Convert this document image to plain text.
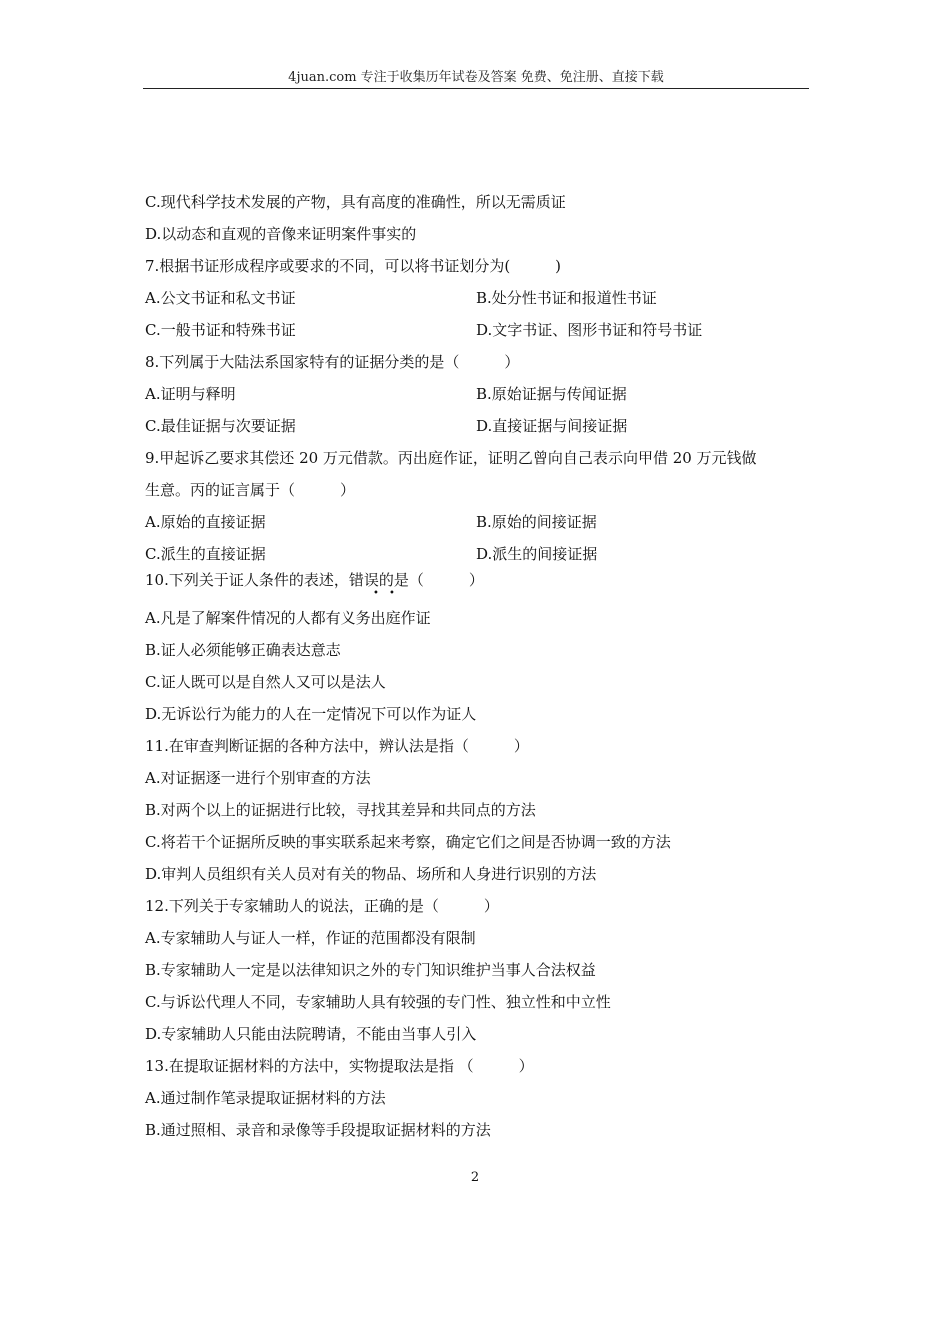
4juan.com 专注于收集历年试卷及答案 免费、免注册、直接下载
C.现代科学技术发展的产物，具有高度的准确性，所以无需质证
D.以动态和直观的音像来证明案件事实的
7.根据书证形成程序或要求的不同，可以将书证划分为(　　　)
A.公文书证和私文书证	B.处分性书证和报道性书证
C.一般书证和特殊书证	D.文字书证、图形书证和符号书证
8.下列属于大陆法系国家特有的证据分类的是（　　　）
A.证明与释明	B.原始证据与传闻证据
C.最佳证据与次要证据	D.直接证据与间接证据
9.甲起诉乙要求其偿还 20 万元借款。丙出庭作证，证明乙曾向自己表示向甲借 20 万元钱做
生意。丙的证言属于（　　　）
A.原始的直接证据	B.原始的间接证据
C.派生的直接证据	D.派生的间接证据
10.下列关于证人条件的表述，错误的是（　　　）
• •
A.凡是了解案件情况的人都有义务出庭作证
B.证人必须能够正确表达意志
C.证人既可以是自然人又可以是法人
D.无诉讼行为能力的人在一定情况下可以作为证人
11.在审查判断证据的各种方法中，辨认法是指（　　　）
A.对证据逐一进行个别审查的方法
B.对两个以上的证据进行比较，寻找其差异和共同点的方法
C.将若干个证据所反映的事实联系起来考察，确定它们之间是否协调一致的方法
D.审判人员组织有关人员对有关的物品、场所和人身进行识别的方法
12.下列关于专家辅助人的说法，正确的是（　　　）
A.专家辅助人与证人一样，作证的范围都没有限制
B.专家辅助人一定是以法律知识之外的专门知识维护当事人合法权益
C.与诉讼代理人不同，专家辅助人具有较强的专门性、独立性和中立性
D.专家辅助人只能由法院聘请，不能由当事人引入
13.在提取证据材料的方法中，实物提取法是指 （　　　）
A.通过制作笔录提取证据材料的方法
B.通过照相、录音和录像等手段提取证据材料的方法
2
